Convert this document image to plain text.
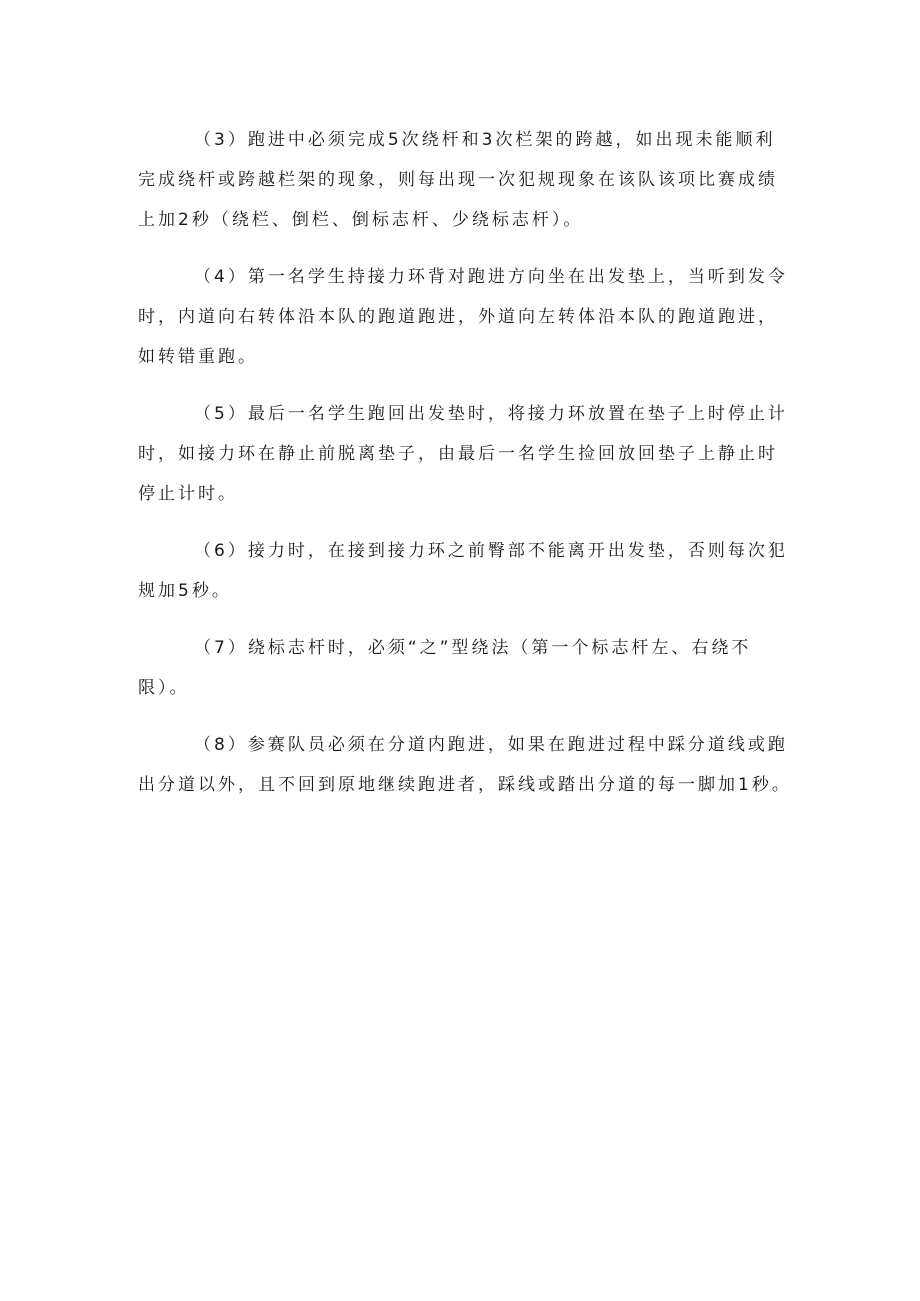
（3）跑进中必须完成5次绕杆和3次栏架的跨越，如出现未能顺利
完成绕杆或跨越栏架的现象，则每出现一次犯规现象在该队该项比赛成绩
上加2秒（绕栏、倒栏、倒标志杆、少绕标志杆）。
（4）第一名学生持接力环背对跑进方向坐在出发垫上，当听到发令
时，内道向右转体沿本队的跑道跑进，外道向左转体沿本队的跑道跑进，
如转错重跑。
（5）最后一名学生跑回出发垫时，将接力环放置在垫子上时停止计
时，如接力环在静止前脱离垫子，由最后一名学生捡回放回垫子上静止时
停止计时。
（6）接力时，在接到接力环之前臀部不能离开出发垫，否则每次犯
规加5秒。
（7）绕标志杆时，必须“之”型绕法（第一个标志杆左、右绕不
限）。
（8）参赛队员必须在分道内跑进，如果在跑进过程中踩分道线或跑
出分道以外，且不回到原地继续跑进者，踩线或踏出分道的每一脚加1秒。
